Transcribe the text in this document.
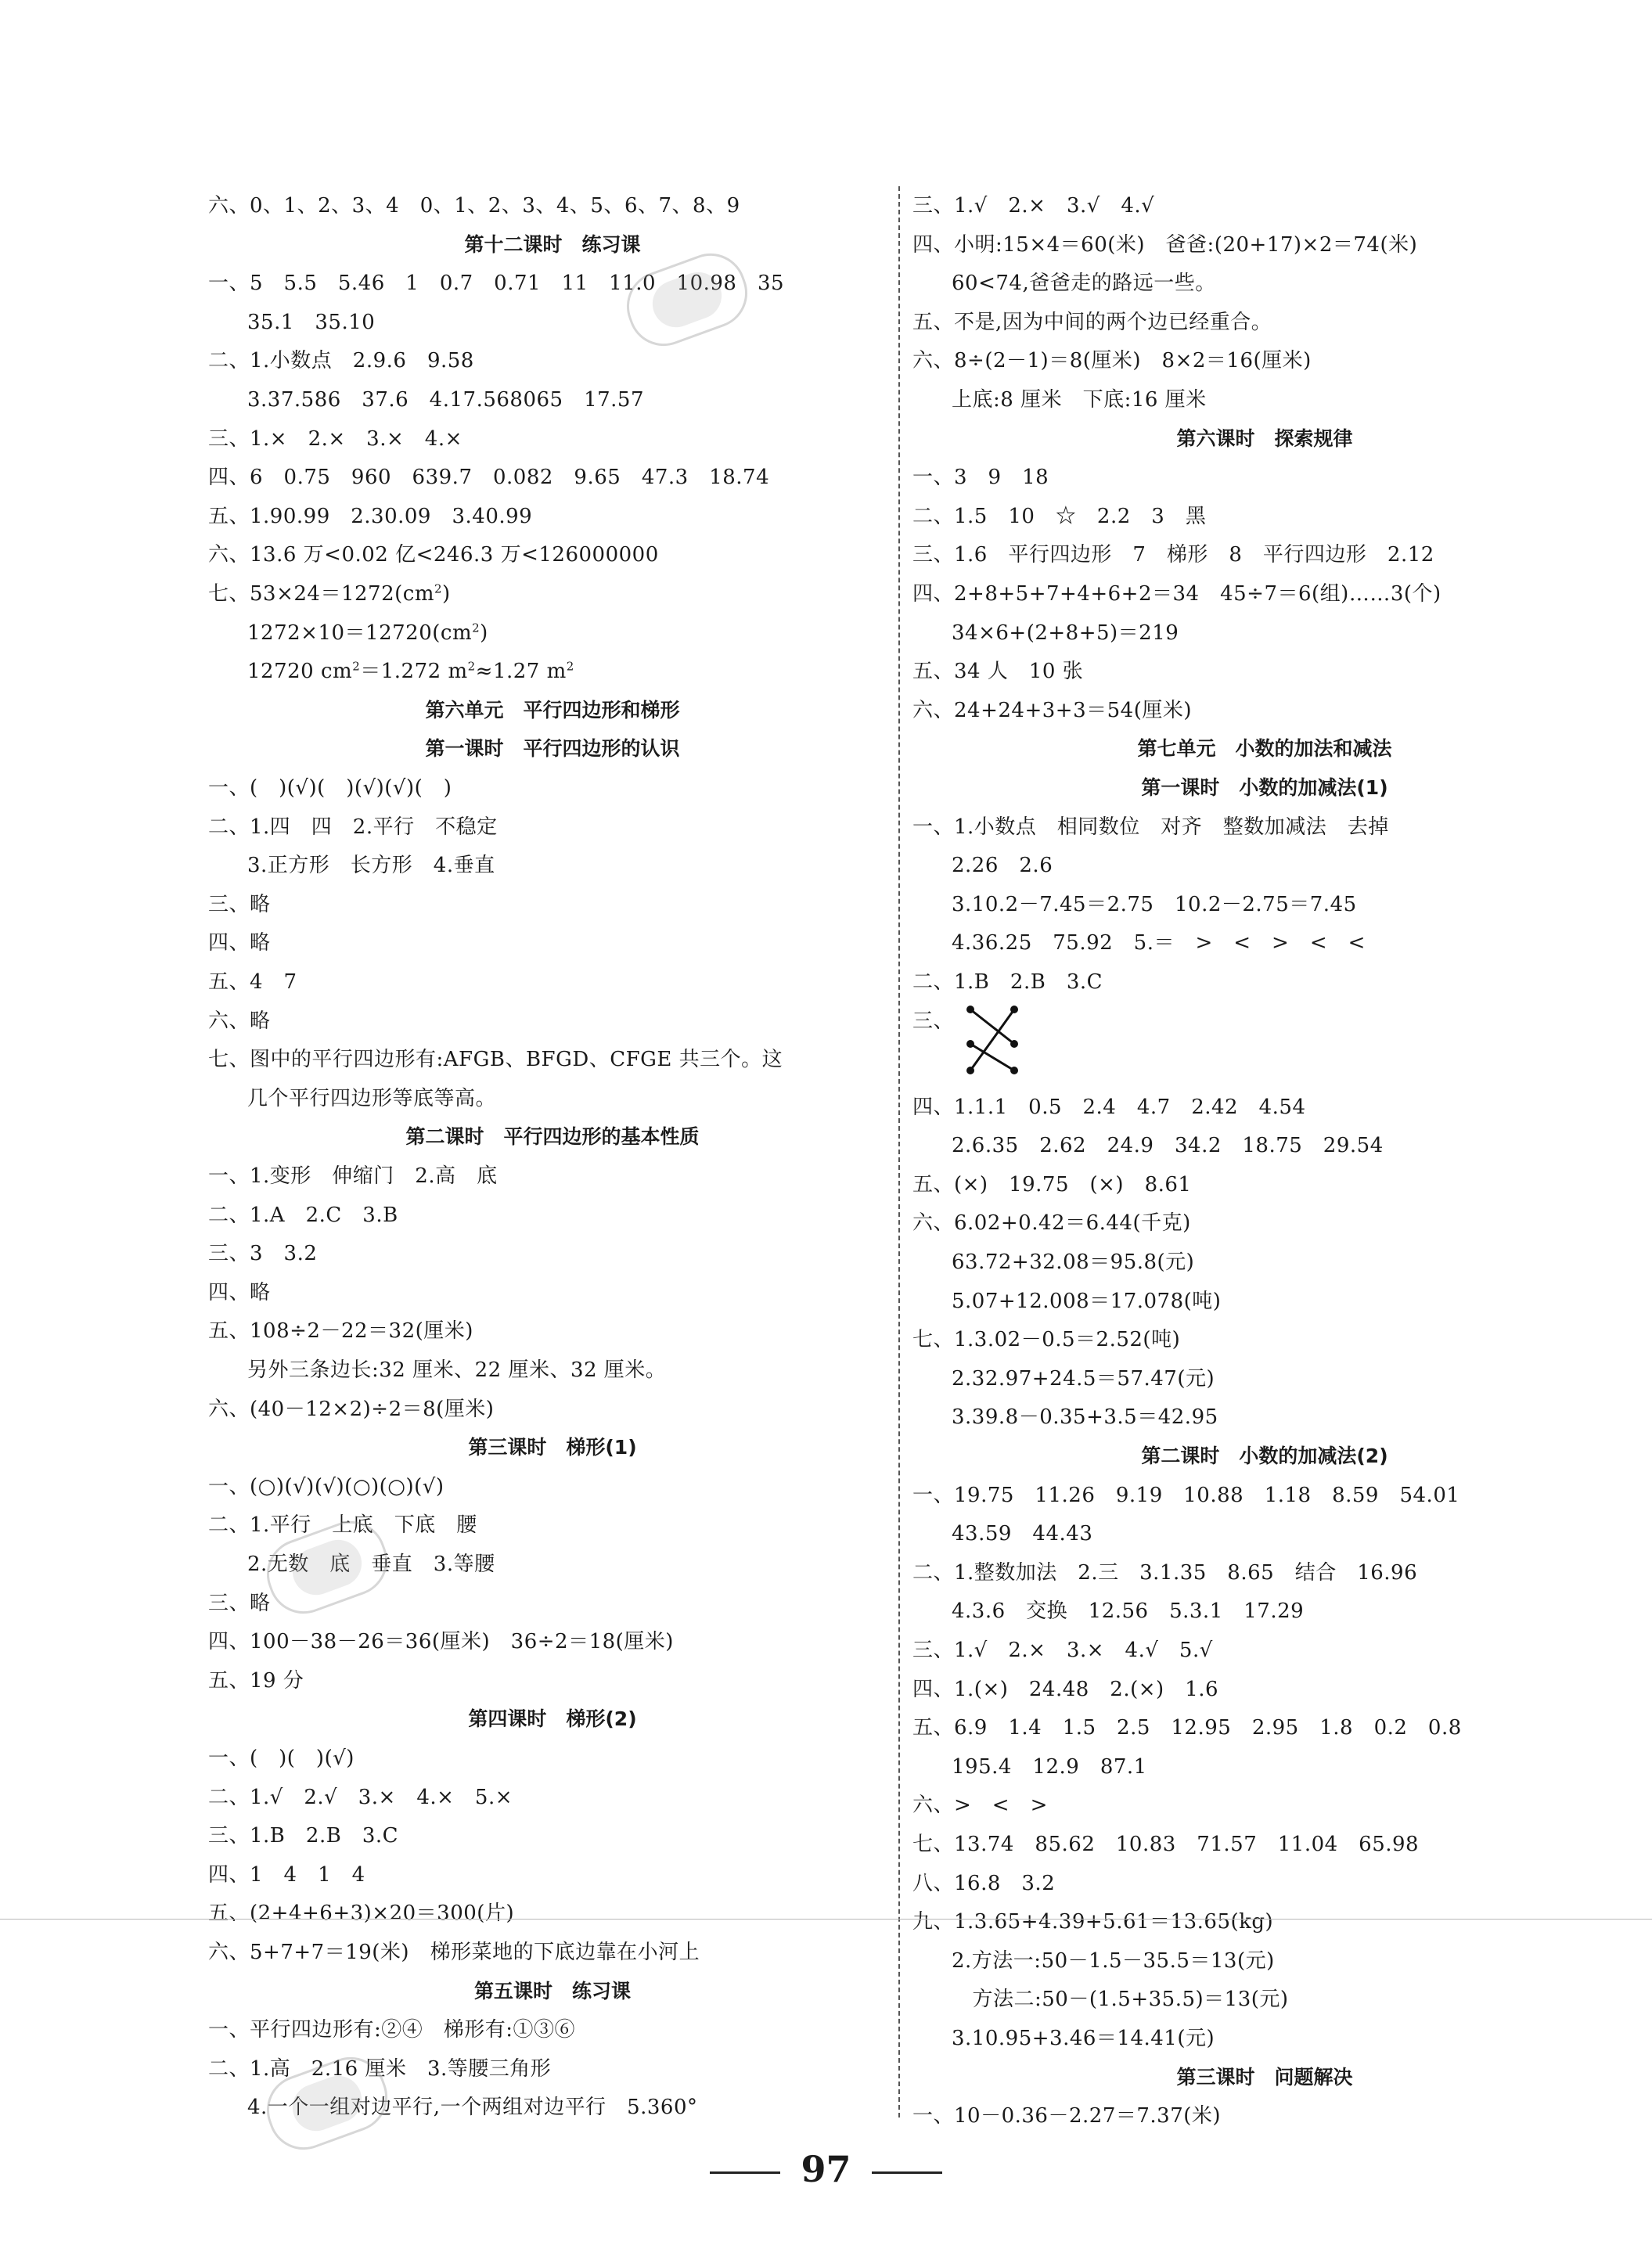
六、0、1、2、3、4　0、1、2、3、4、5、6、7、8、9
第十二课时　练习课
一、5　5.5　5.46　1　0.7　0.71　11　11.0　10.98　35
35.1　35.10
二、1.小数点　2.9.6　9.58
3.37.586　37.6　4.17.568065　17.57
三、1.×　2.×　3.×　4.×
四、6　0.75　960　639.7　0.082　9.65　47.3　18.74
五、1.90.99　2.30.09　3.40.99
六、13.6 万<0.02 亿<246.3 万<126000000
七、$53\times 24=1272(cm^2)$
$1272\times 10=12720(cm^2)$
12720 $cm^2=1.272$ $m^2\approx 1.27$ $m^2$
第六单元　平行四边形和梯形
第一课时　平行四边形的认识
一、(　)(√)(　)(√)(√)(　)
二、1.四　四　2.平行　不稳定
3.正方形　长方形　4.垂直
三、略
四、略
五、4　7
六、略
七、图中的平行四边形有:AFGB、BFGD、CFGE 共三个。这
几个平行四边形等底等高。
第二课时　平行四边形的基本性质
一、1.变形　伸缩门　2.高　底
二、1.A　2.C　3.B
三、3　3.2
四、略
五、108÷2－22＝32(厘米)
另外三条边长:32 厘米、22 厘米、32 厘米。
六、(40－12×2)÷2＝8(厘米)
第三课时　梯形(1)
一、(○)(√)(√)(○)(○)(√)
二、1.平行　上底　下底　腰
2.无数　底　垂直　3.等腰
三、略
四、100－38－26＝36(厘米)　36÷2＝18(厘米)
五、19 分
第四课时　梯形(2)
一、(　)(　)(√)
二、1.√　2.√　3.×　4.×　5.×
三、1.B　2.B　3.C
四、1　4　1　4
五、(2+4+6+3)×20＝300(片)
六、5+7+7＝19(米)　梯形菜地的下底边靠在小河上
第五课时　练习课
一、平行四边形有:②④　梯形有:①③⑥
二、1.高　2.16 厘米　3.等腰三角形
4.一个一组对边平行,一个两组对边平行　5.360°
三、1.√　2.×　3.√　4.√
四、小明:15×4＝60(米)　爸爸:(20+17)×2＝74(米)
60<74,爸爸走的路远一些。
五、不是,因为中间的两个边已经重合。
六、8÷(2－1)＝8(厘米)　8×2＝16(厘米)
上底:8 厘米　下底:16 厘米
第六课时　探索规律
一、3　9　18
二、1.5　10　☆　2.2　3　黑
三、1.6　平行四边形　7　梯形　8　平行四边形　2.12
四、2+8+5+7+4+6+2＝34　45÷7＝6(组)……3(个)
34×6+(2+8+5)＝219
五、34 人　10 张
六、24+24+3+3＝54(厘米)
第七单元　小数的加法和减法
第一课时　小数的加减法(1)
一、1.小数点　相同数位　对齐　整数加减法　去掉
2.26　2.6
3.10.2－7.45＝2.75　10.2－2.75＝7.45
4.36.25　75.92　5.＝　>　<　>　<　<
二、1.B　2.B　3.C
三、
四、1.1.1　0.5　2.4　4.7　2.42　4.54
2.6.35　2.62　24.9　34.2　18.75　29.54
五、(×)　19.75　(×)　8.61
六、6.02+0.42＝6.44(千克)
63.72+32.08＝95.8(元)
5.07+12.008＝17.078(吨)
七、1.3.02－0.5＝2.52(吨)
2.32.97+24.5＝57.47(元)
3.39.8－0.35+3.5＝42.95
第二课时　小数的加减法(2)
一、19.75　11.26　9.19　10.88　1.18　8.59　54.01
43.59　44.43
二、1.整数加法　2.三　3.1.35　8.65　结合　16.96
4.3.6　交换　12.56　5.3.1　17.29
三、1.√　2.×　3.×　4.√　5.√
四、1.(×)　24.48　2.(×)　1.6
五、6.9　1.4　1.5　2.5　12.95　2.95　1.8　0.2　0.8
195.4　12.9　87.1
六、>　<　>
七、13.74　85.62　10.83　71.57　11.04　65.98
八、16.8　3.2
九、1.3.65+4.39+5.61＝13.65(kg)
2.方法一:50－1.5－35.5＝13(元)
　方法二:50－(1.5+35.5)＝13(元)
3.10.95+3.46＝14.41(元)
第三课时　问题解决
一、10－0.36－2.27＝7.37(米)
97
